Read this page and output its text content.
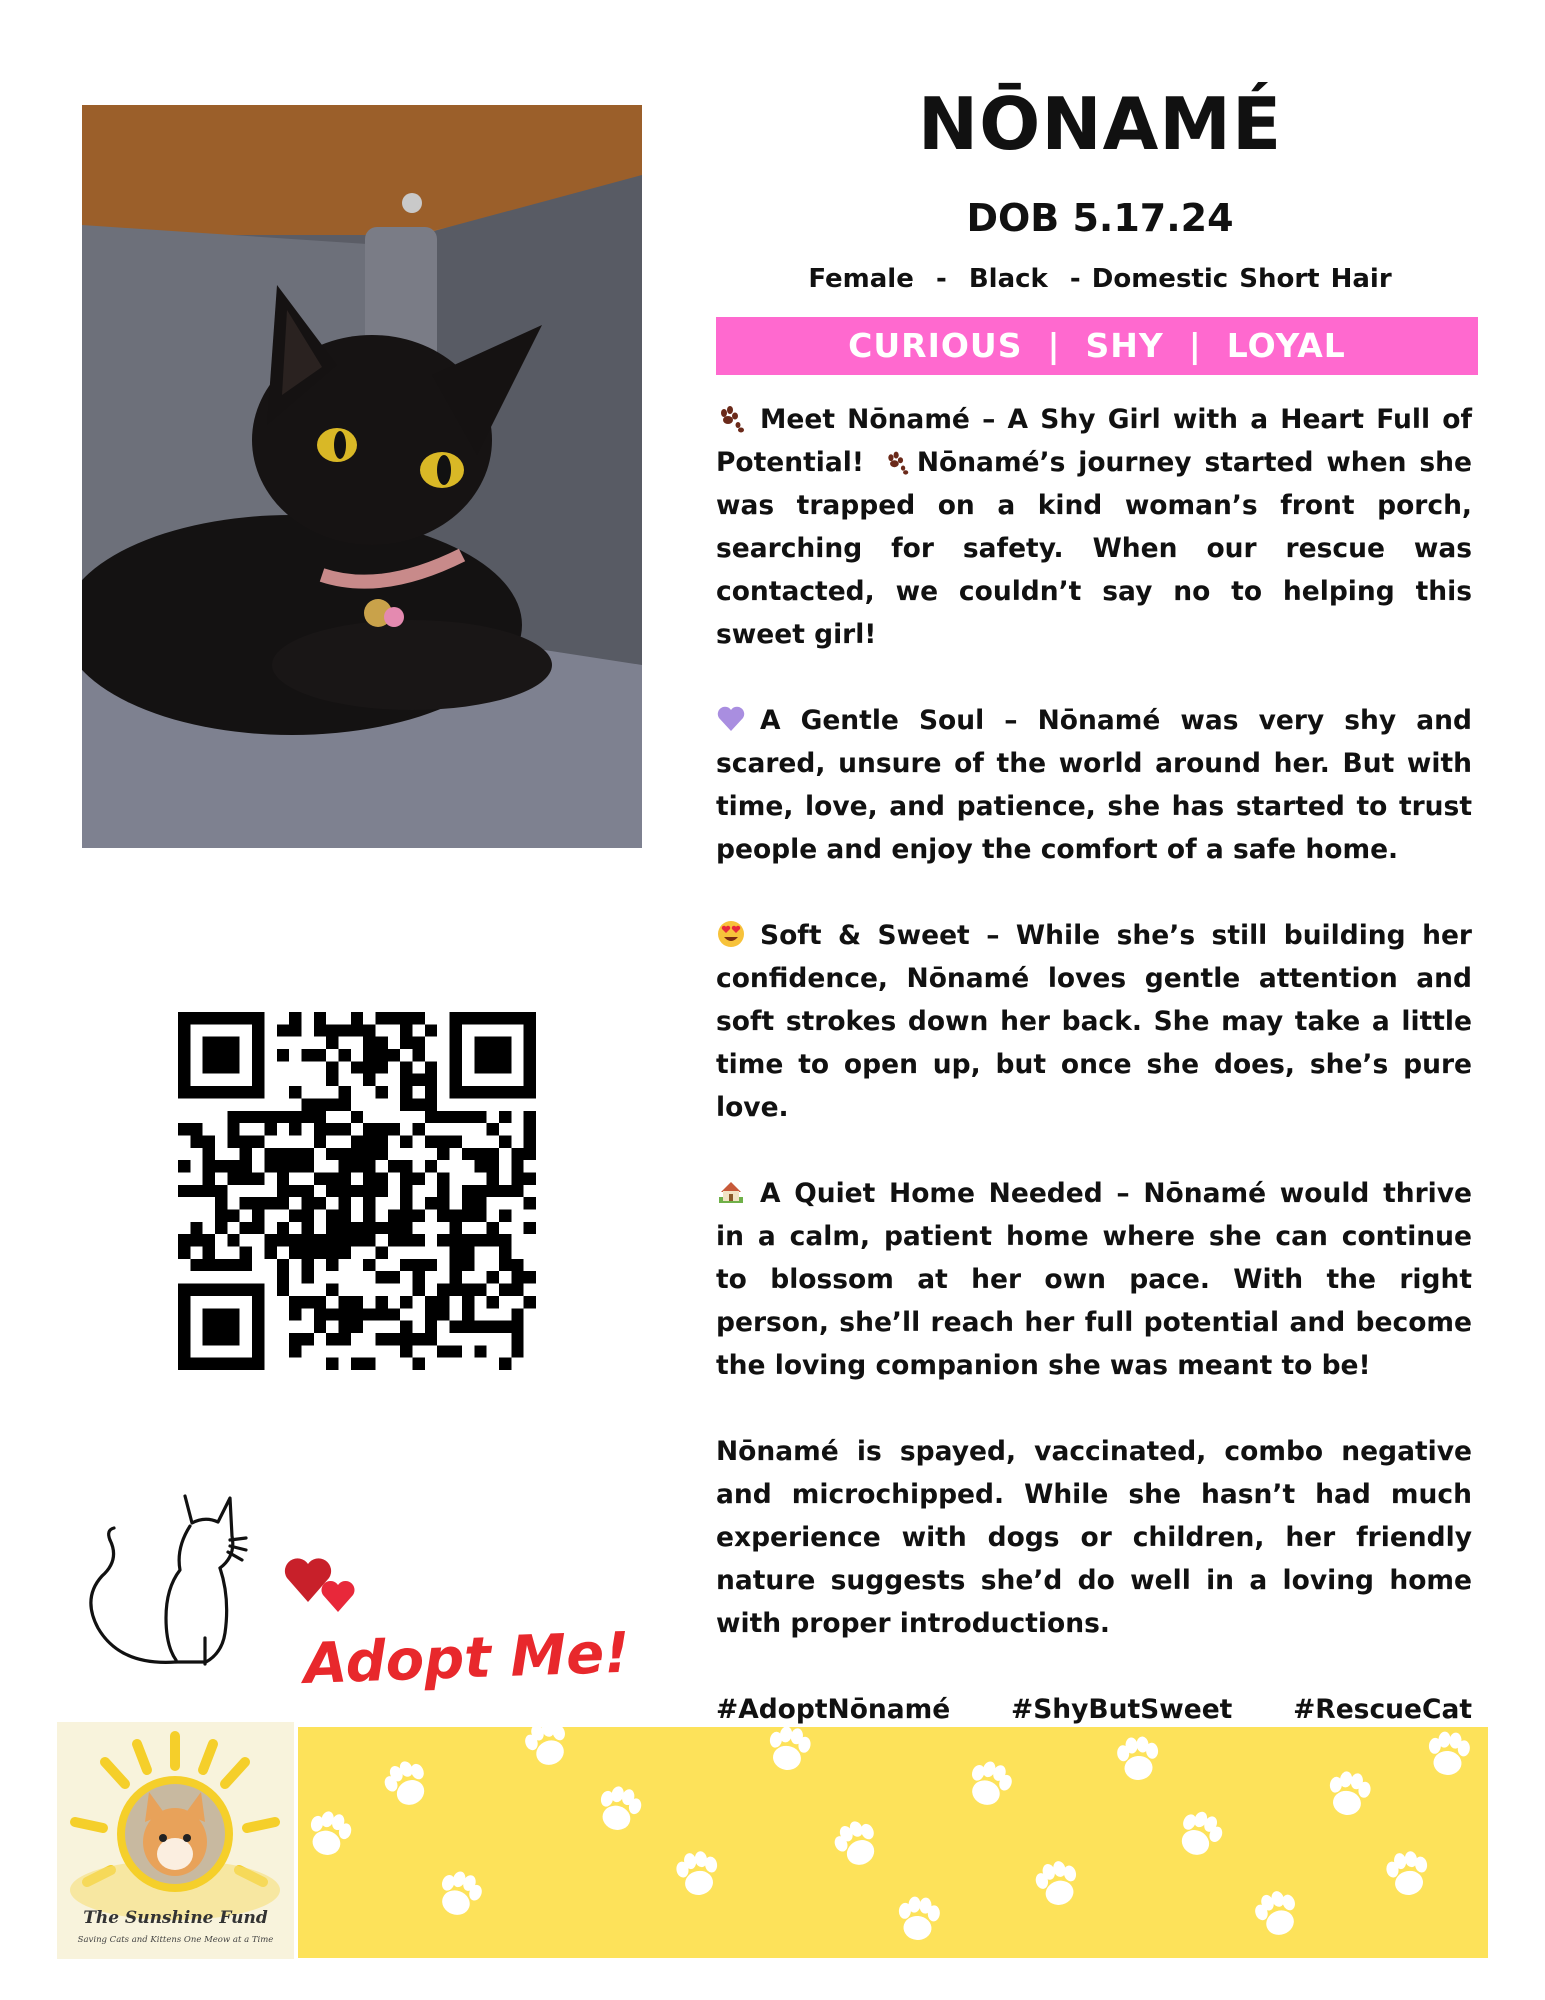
NŌNAMÉ
DOB 5.17.24
Female  -  Black  - Domestic Short Hair
CURIOUS  |  SHY  |  LOYAL

Meet Nōnamé – A Shy Girl with a Heart Full of Potential! Nōnamé’s journey started when she was trapped on a kind woman’s front porch, searching for safety. When our rescue was contacted, we couldn’t say no to helping this sweet girl!

A Gentle Soul – Nōnamé was very shy and scared, unsure of the world around her. But with time, love, and patience, she has started to trust people and enjoy the comfort of a safe home.

Soft & Sweet – While she’s still building her confidence, Nōnamé loves gentle attention and soft strokes down her back. She may take a little time to open up, but once she does, she’s pure love.

A Quiet Home Needed – Nōnamé would thrive in a calm, patient home where she can continue to blossom at her own pace. With the right person, she’ll reach her full potential and become the loving companion she was meant to be!

Nōnamé is spayed, vaccinated, combo negative and microchipped. While she hasn’t had much experience with dogs or children, her friendly nature suggests she’d do well in a loving home with proper introductions.

#AdoptNōnamé #ShyButSweet #RescueCat

Adopt Me!
The Sunshine Fund
Saving Cats and Kittens One Meow at a Time
